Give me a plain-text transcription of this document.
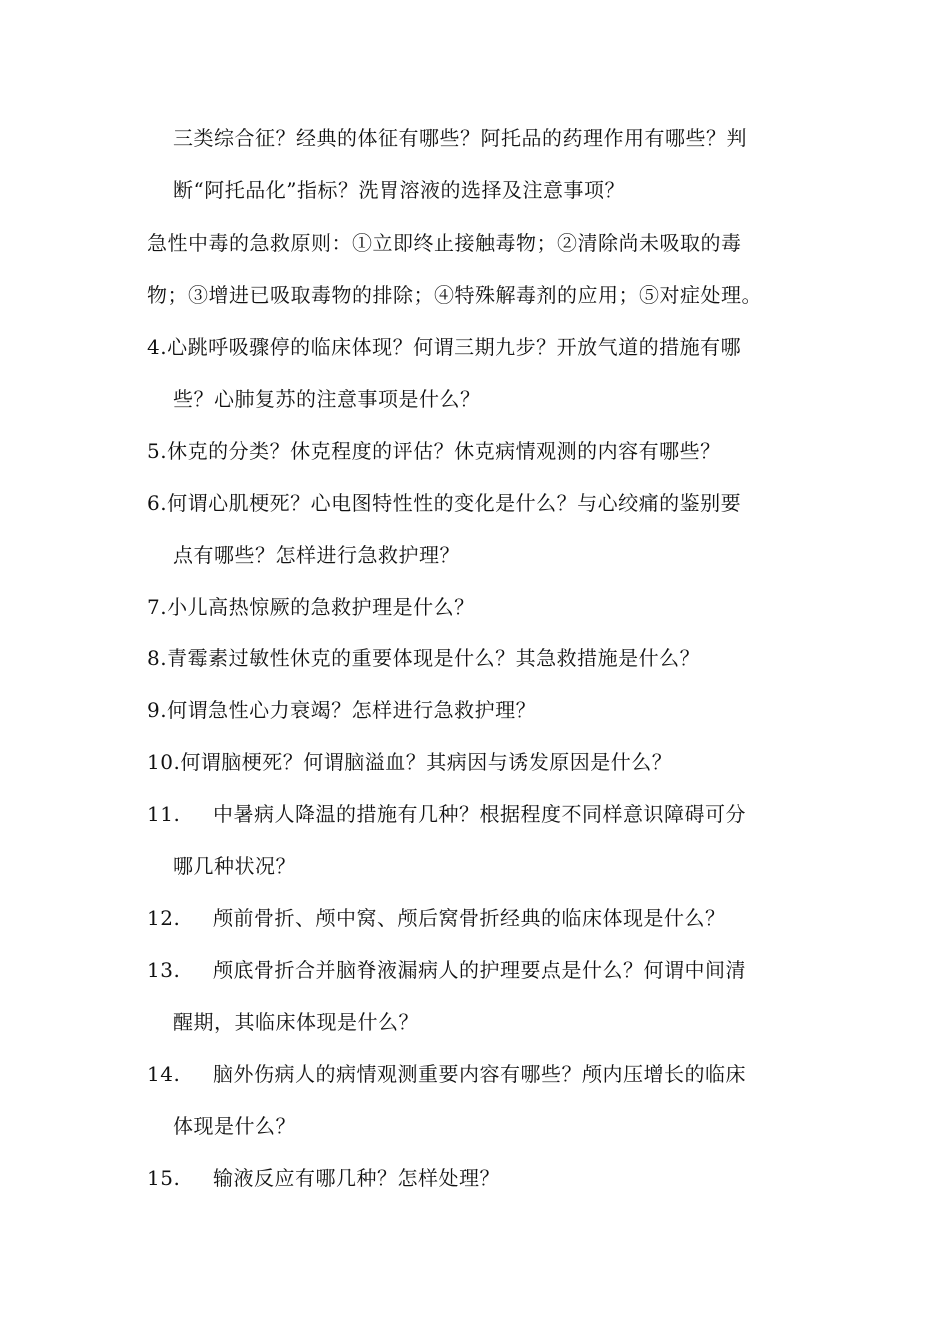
三类综合征？经典的体征有哪些？阿托品的药理作用有哪些？判
断“阿托品化”指标？洗胃溶液的选择及注意事项？
急性中毒的急救原则：①立即终止接触毒物；②清除尚未吸取的毒
物；③增进已吸取毒物的排除；④特殊解毒剂的应用；⑤对症处理。
4.心跳呼吸骤停的临床体现？何谓三期九步？开放气道的措施有哪
些？心肺复苏的注意事项是什么？
5.休克的分类？休克程度的评估？休克病情观测的内容有哪些？
6.何谓心肌梗死？心电图特性性的变化是什么？与心绞痛的鉴别要
点有哪些？怎样进行急救护理？
7.小儿高热惊厥的急救护理是什么？
8.青霉素过敏性休克的重要体现是什么？其急救措施是什么？
9.何谓急性心力衰竭？怎样进行急救护理？
10.何谓脑梗死？何谓脑溢血？其病因与诱发原因是什么？
11. 中暑病人降温的措施有几种？根据程度不同样意识障碍可分
哪几种状况？
12. 颅前骨折、颅中窝、颅后窝骨折经典的临床体现是什么？
13. 颅底骨折合并脑脊液漏病人的护理要点是什么？何谓中间清
醒期，其临床体现是什么？
14. 脑外伤病人的病情观测重要内容有哪些？颅内压增长的临床
体现是什么？
15. 输液反应有哪几种？怎样处理？
